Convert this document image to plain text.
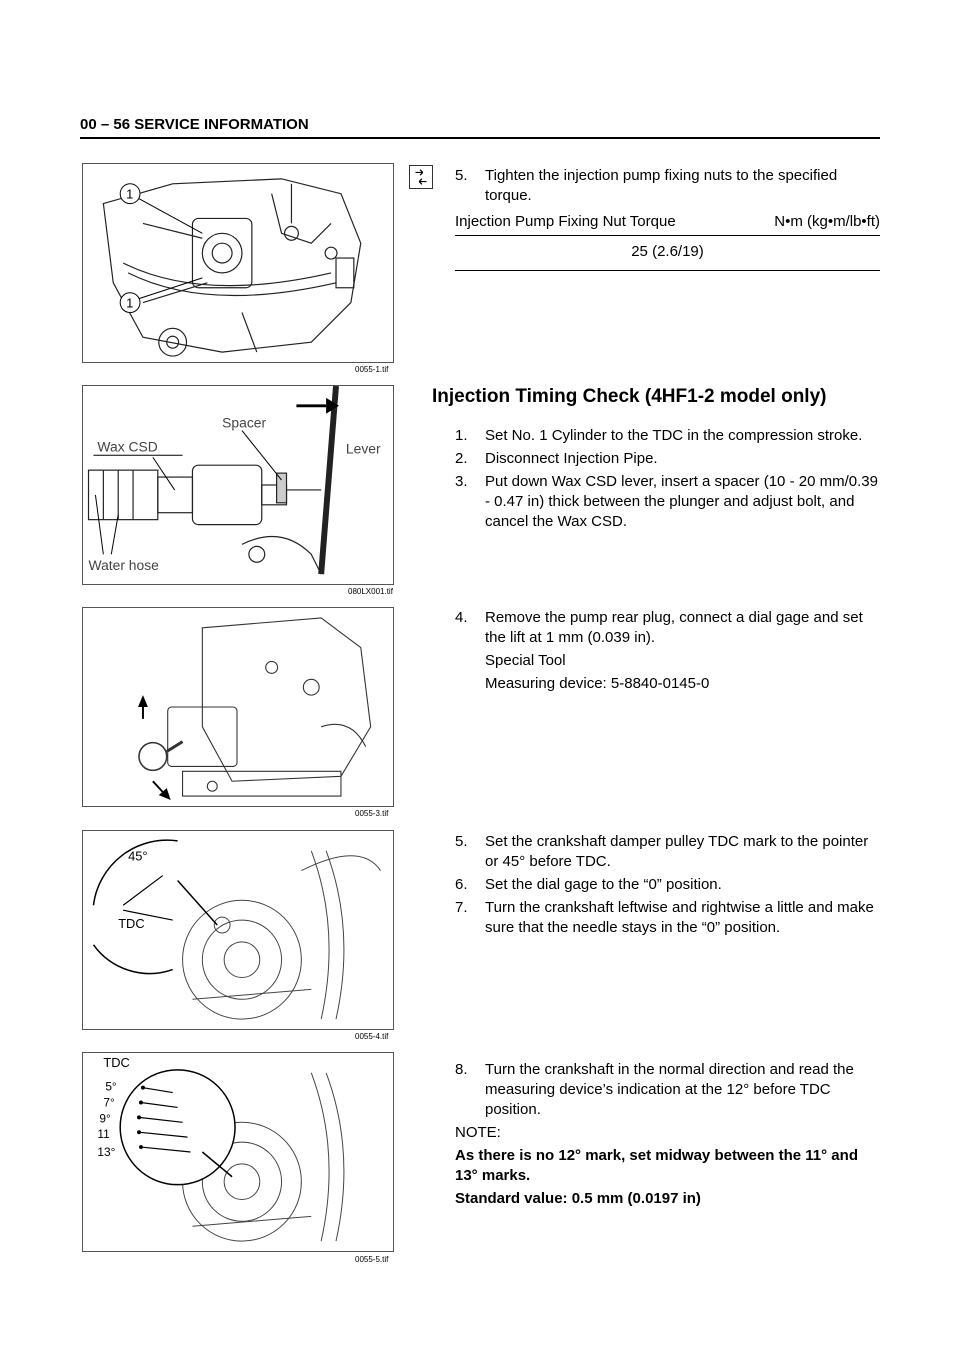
00 – 56 SERVICE INFORMATION
1
1
0055-1.tif
5.	Tighten the injection pump fixing nuts to the specified torque.
Injection Pump Fixing Nut Torque	N•m (kg•m/lb•ft)
25 (2.6/19)
Spacer
Wax CSD	Lever
Water hose
080LX001.tif
Injection Timing Check (4HF1-2 model only)
1.	Set No. 1 Cylinder to the TDC in the compression stroke.
2.	Disconnect Injection Pipe.
3.	Put down Wax CSD lever, insert a spacer (10 - 20 mm/0.39 - 0.47 in) thick between the plunger and adjust bolt, and cancel the Wax CSD.
0055-3.tif
4.	Remove the pump rear plug, connect a dial gage and set the lift at 1 mm (0.039 in).
Special Tool
Measuring device: 5-8840-0145-0
45°
TDC
0055-4.tif
5.	Set the crankshaft damper pulley TDC mark to the pointer or 45° before TDC.
6.	Set the dial gage to the “0” position.
7.	Turn the crankshaft leftwise and rightwise a little and make sure that the needle stays in the “0” position.
TDC
5°
7°
9°
11
13°
0055-5.tif
8.	Turn the crankshaft in the normal direction and read the measuring device’s indication at the 12° before TDC position.
NOTE:
As there is no 12° mark, set midway between the 11° and 13° marks.
Standard value: 0.5 mm (0.0197 in)
